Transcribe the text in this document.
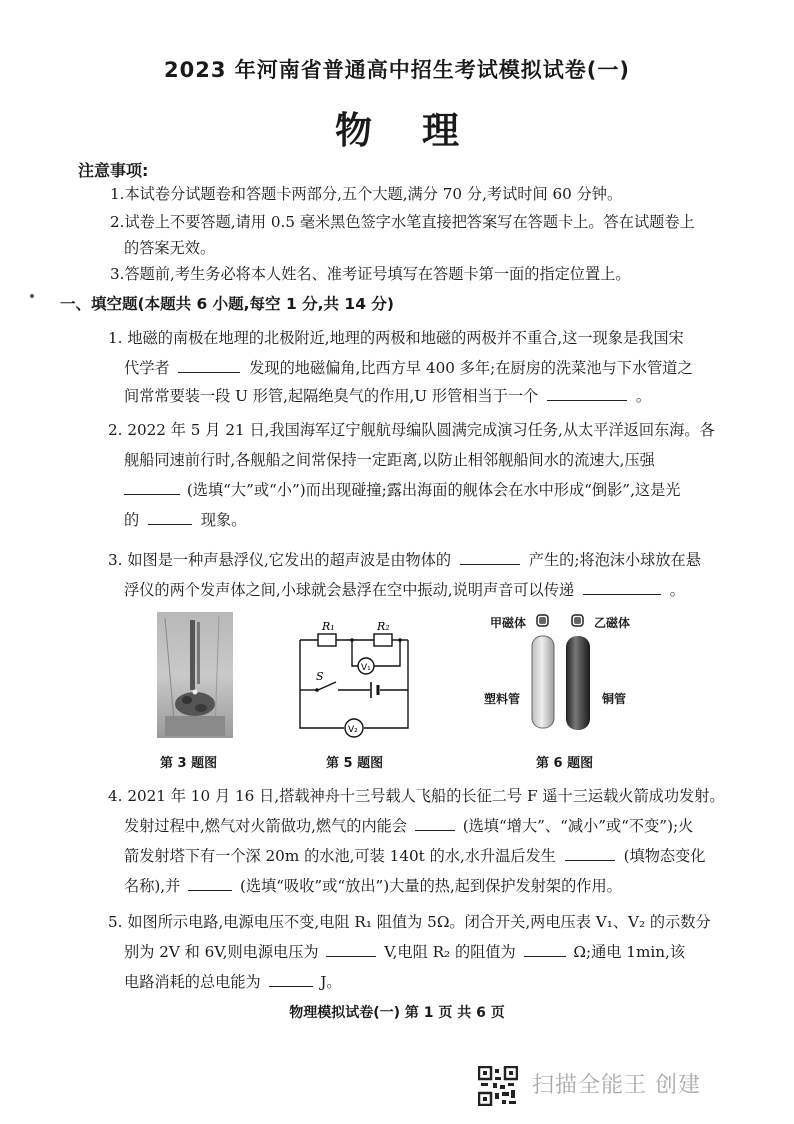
2023 年河南省普通高中招生考试模拟试卷(一)
物理
注意事项:
1.本试卷分试题卷和答题卡两部分,五个大题,满分 70 分,考试时间 60 分钟。
2.试卷上不要答题,请用 0.5 毫米黑色签字水笔直接把答案写在答题卡上。答在试题卷上
的答案无效。
3.答题前,考生务必将本人姓名、准考证号填写在答题卡第一面的指定位置上。
一、填空题(本题共 6 小题,每空 1 分,共 14 分)
1. 地磁的南极在地理的北极附近,地理的两极和地磁的两极并不重合,这一现象是我国宋
代学者	发现的地磁偏角,比西方早 400 多年;在厨房的洗菜池与下水管道之
间常常要装一段 U 形管,起隔绝臭气的作用,U 形管相当于一个	。
2. 2022 年 5 月 21 日,我国海军辽宁舰航母编队圆满完成演习任务,从太平洋返回东海。各
舰船同速前行时,各舰船之间常保持一定距离,以防止相邻舰船间水的流速大,压强
(选填“大”或“小”)而出现碰撞;露出海面的舰体会在水中形成“倒影”,这是光
的	现象。
3. 如图是一种声悬浮仪,它发出的超声波是由物体的	产生的;将泡沫小球放在悬
浮仪的两个发声体之间,小球就会悬浮在空中振动,说明声音可以传递	。
第 3 题图
R₁	R₂
S
V₁
V₂
第 5 题图
甲磁体	乙磁体
塑料管	铜管
第 6 题图
4. 2021 年 10 月 16 日,搭载神舟十三号载人飞船的长征二号 F 遥十三运载火箭成功发射。
发射过程中,燃气对火箭做功,燃气的内能会	(选填“增大”、“减小”或“不变”);火
箭发射塔下有一个深 20m 的水池,可装 140t 的水,水升温后发生	(填物态变化
名称),并	(选填“吸收”或“放出”)大量的热,起到保护发射架的作用。
5. 如图所示电路,电源电压不变,电阻 R₁ 阻值为 5Ω。闭合开关,两电压表 V₁、V₂ 的示数分
别为 2V 和 6V,则电源电压为	V,电阻 R₂ 的阻值为	Ω;通电 1min,该
电路消耗的总电能为	J。
物理模拟试卷(一) 第 1 页 共 6 页
扫描全能王 创建
